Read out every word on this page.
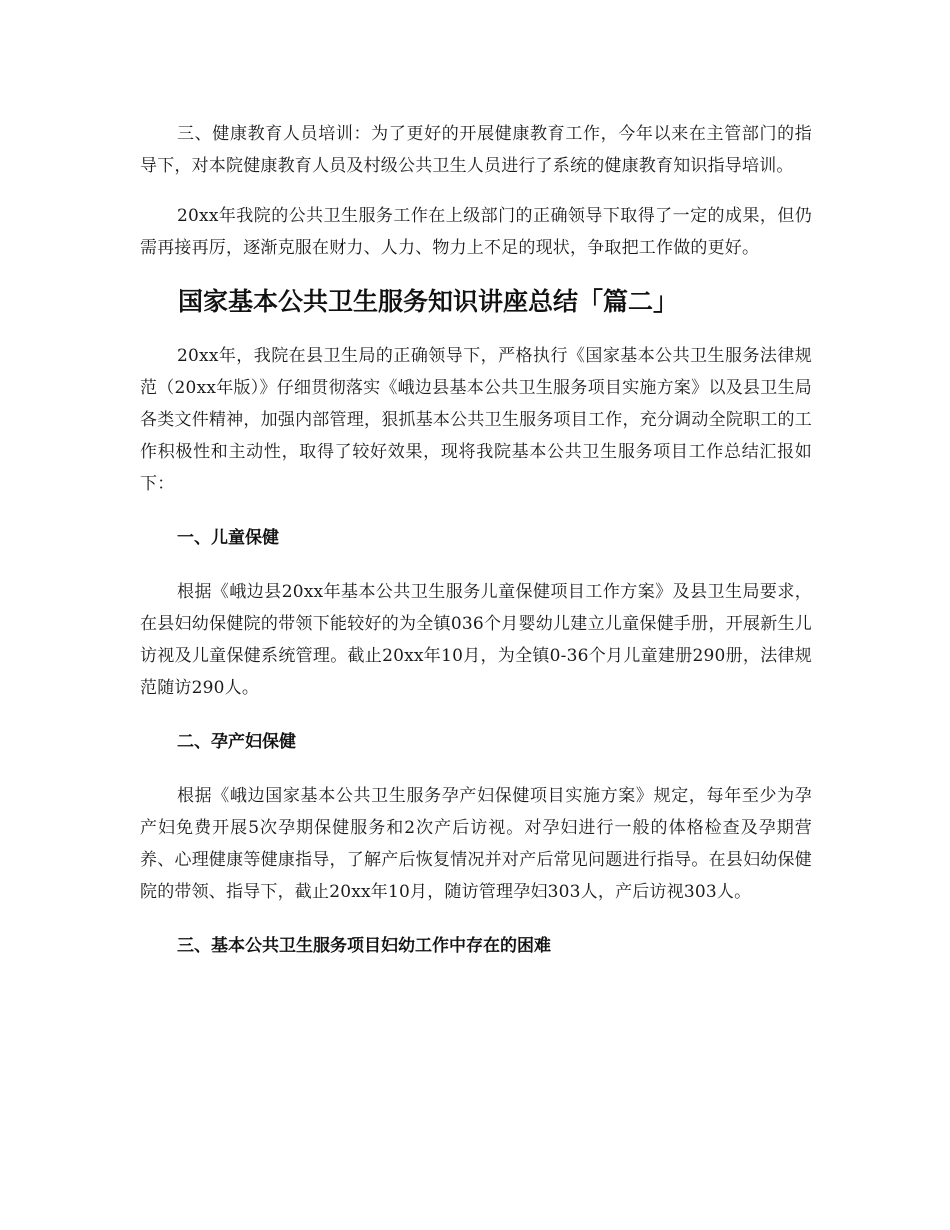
三、健康教育人员培训：为了更好的开展健康教育工作，今年以来在主管部门的指导下，对本院健康教育人员及村级公共卫生人员进行了系统的健康教育知识指导培训。

20xx年我院的公共卫生服务工作在上级部门的正确领导下取得了一定的成果，但仍需再接再厉，逐渐克服在财力、人力、物力上不足的现状，争取把工作做的更好。

国家基本公共卫生服务知识讲座总结「篇二」

20xx年，我院在县卫生局的正确领导下，严格执行《国家基本公共卫生服务法律规范（20xx年版）》仔细贯彻落实《峨边县基本公共卫生服务项目实施方案》以及县卫生局各类文件精神，加强内部管理，狠抓基本公共卫生服务项目工作，充分调动全院职工的工作积极性和主动性，取得了较好效果，现将我院基本公共卫生服务项目工作总结汇报如下：

一、儿童保健

根据《峨边县20xx年基本公共卫生服务儿童保健项目工作方案》及县卫生局要求，在县妇幼保健院的带领下能较好的为全镇036个月婴幼儿建立儿童保健手册，开展新生儿访视及儿童保健系统管理。截止20xx年10月，为全镇0-36个月儿童建册290册，法律规范随访290人。

二、孕产妇保健

根据《峨边国家基本公共卫生服务孕产妇保健项目实施方案》规定，每年至少为孕产妇免费开展5次孕期保健服务和2次产后访视。对孕妇进行一般的体格检查及孕期营养、心理健康等健康指导，了解产后恢复情况并对产后常见问题进行指导。在县妇幼保健院的带领、指导下，截止20xx年10月，随访管理孕妇303人，产后访视303人。

三、基本公共卫生服务项目妇幼工作中存在的困难
